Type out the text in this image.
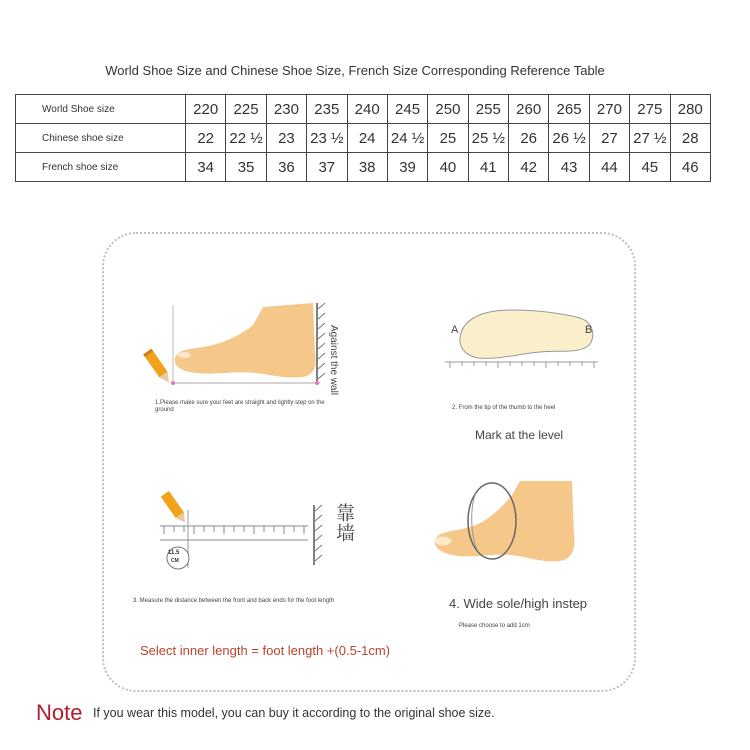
World Shoe Size and Chinese Shoe Size, French Size Corresponding Reference Table
World Shoe size	220	225	230	235	240	245	250	255	260	265	270	275	280
Chinese shoe size	22	22 ½	23	23 ½	24	24 ½	25	25 ½	26	26 ½	27	27 ½	28
French shoe size	34	35	36	37	38	39	40	41	42	43	44	45	46
Against the wall
1.Please make sure your feet are straight and lightly step on the ground
A	B
2. From the tip of the thumb to the heel
Mark at the level
11.5
CM
靠墙
3. Measure the distance between the front and back ends for the foot length	4. Wide sole/high instep
Please choose to add 1cm
Select inner length = foot length +(0.5-1cm)
Note If you wear this model, you can buy it according to the original shoe size.
